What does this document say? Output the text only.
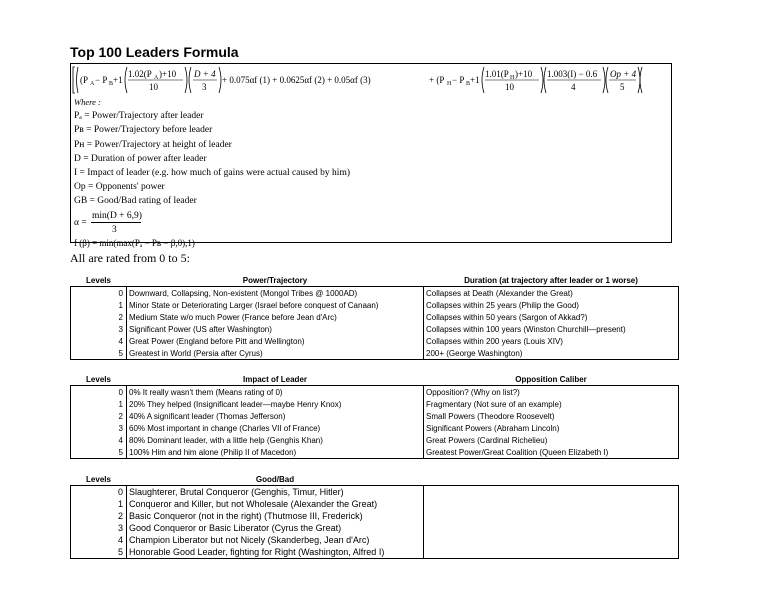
Top 100 Leaders Formula
(P A − P B +1
1.02(P A )+10
10
D + 4
3
+ 0.075αf (1) + 0.0625αf (2) + 0.05αf (3)	+ (P H − P B +1
1.01(P H )+10
10
1.003(I) − 0.6
4
Op + 4
5
Where :
Pₐ = Power/Trajectory after leader
Pʙ = Power/Trajectory before leader
Pʜ = Power/Trajectory at height of leader
D = Duration of power after leader
I = Impact of leader (e.g. how much of gains were actual caused by him)
Op = Opponents' power
GB = Good/Bad rating of leader
α =
min(D + 6,9)
3
f (β) = min(max(Pₐ − Pʙ − β,0),1)
All are rated from 0 to 5:
Levels	Power/Trajectory	Duration (at trajectory after leader or 1 worse)
0	Downward, Collapsing, Non-existent (Mongol Tribes @ 1000AD)	Collapses at Death (Alexander the Great)
1	Minor State or Deteriorating Larger (Israel before conquest of Canaan)	Collapses within 25 years (Philip the Good)
2	Medium State w/o much Power (France before Jean d'Arc)	Collapses within 50 years (Sargon of Akkad?)
3	Significant Power (US after Washington)	Collapses within 100 years (Winston Churchill—present)
4	Great Power (England before Pitt and Wellington)	Collapses within 200 years (Louis XIV)
5	Greatest in World (Persia after Cyrus)	200+ (George Washington)
Levels	Impact of Leader	Opposition Caliber
0	0% It really wasn't them (Means rating of 0)	Opposition? (Why on list?)
1	20% They helped (Insignificant leader—maybe Henry Knox)	Fragmentary (Not sure of an example)
2	40% A significant leader (Thomas Jefferson)	Small Powers (Theodore Roosevelt)
3	60% Most important in change (Charles VII of France)	Significant Powers (Abraham Lincoln)
4	80% Dominant leader, with a little help (Genghis Khan)	Great Powers (Cardinal Richelieu)
5	100% Him and him alone (Philip II of Macedon)	Greatest Power/Great Coalition (Queen Elizabeth I)
Levels	Good/Bad	
0	Slaughterer, Brutal Conqueror (Genghis, Timur, Hitler)	
1	Conqueror and Killer, but not Wholesale (Alexander the Great)	
2	Basic Conqueror (not in the right) (Thutmose III, Frederick)	
3	Good Conqueror or Basic Liberator (Cyrus the Great)	
4	Champion Liberator but not Nicely (Skanderbeg, Jean d'Arc)	
5	Honorable Good Leader, fighting for Right (Washington, Alfred I)	
